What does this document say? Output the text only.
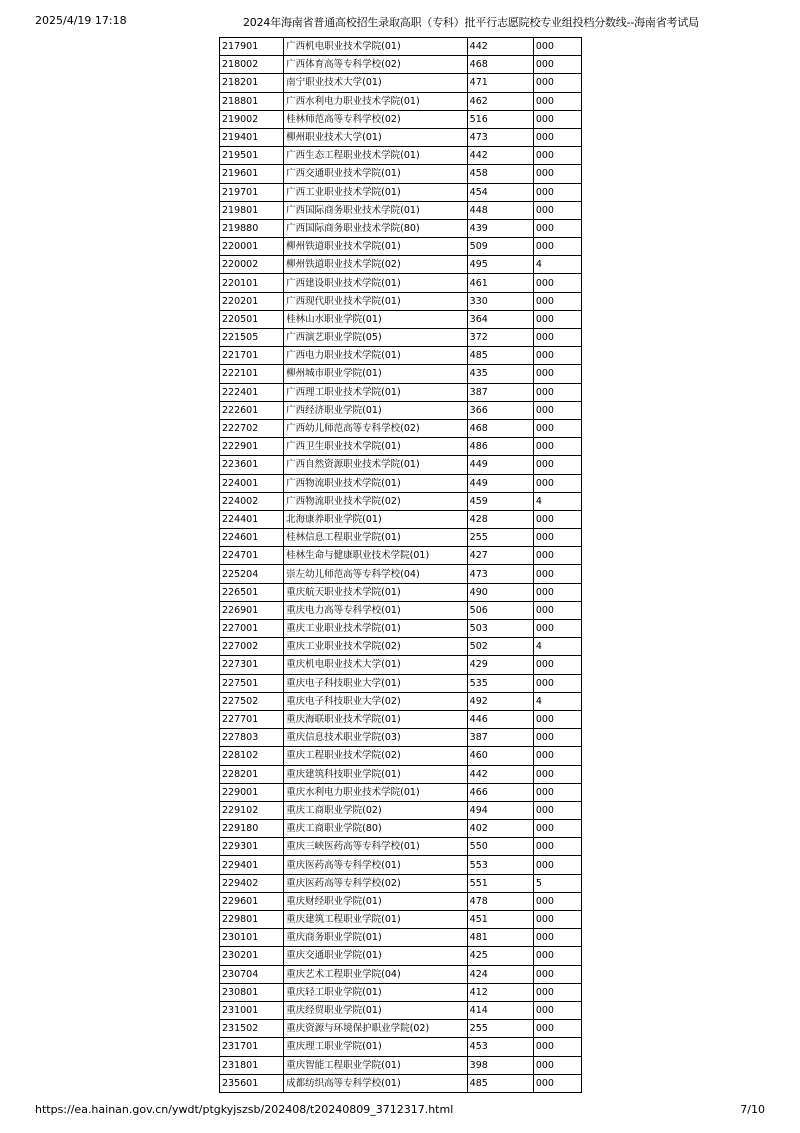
2025/4/19 17:18	2024年海南省普通高校招生录取高职（专科）批平行志愿院校专业组投档分数线--海南省考试局
217901	广西机电职业技术学院(01)	442	000
218002	广西体育高等专科学校(02)	468	000
218201	南宁职业技术大学(01)	471	000
218801	广西水利电力职业技术学院(01)	462	000
219002	桂林师范高等专科学校(02)	516	000
219401	柳州职业技术大学(01)	473	000
219501	广西生态工程职业技术学院(01)	442	000
219601	广西交通职业技术学院(01)	458	000
219701	广西工业职业技术学院(01)	454	000
219801	广西国际商务职业技术学院(01)	448	000
219880	广西国际商务职业技术学院(80)	439	000
220001	柳州铁道职业技术学院(01)	509	000
220002	柳州铁道职业技术学院(02)	495	4
220101	广西建设职业技术学院(01)	461	000
220201	广西现代职业技术学院(01)	330	000
220501	桂林山水职业学院(01)	364	000
221505	广西演艺职业学院(05)	372	000
221701	广西电力职业技术学院(01)	485	000
222101	柳州城市职业学院(01)	435	000
222401	广西理工职业技术学院(01)	387	000
222601	广西经济职业学院(01)	366	000
222702	广西幼儿师范高等专科学校(02)	468	000
222901	广西卫生职业技术学院(01)	486	000
223601	广西自然资源职业技术学院(01)	449	000
224001	广西物流职业技术学院(01)	449	000
224002	广西物流职业技术学院(02)	459	4
224401	北海康养职业学院(01)	428	000
224601	桂林信息工程职业学院(01)	255	000
224701	桂林生命与健康职业技术学院(01)	427	000
225204	崇左幼儿师范高等专科学校(04)	473	000
226501	重庆航天职业技术学院(01)	490	000
226901	重庆电力高等专科学校(01)	506	000
227001	重庆工业职业技术学院(01)	503	000
227002	重庆工业职业技术学院(02)	502	4
227301	重庆机电职业技术大学(01)	429	000
227501	重庆电子科技职业大学(01)	535	000
227502	重庆电子科技职业大学(02)	492	4
227701	重庆海联职业技术学院(01)	446	000
227803	重庆信息技术职业学院(03)	387	000
228102	重庆工程职业技术学院(02)	460	000
228201	重庆建筑科技职业学院(01)	442	000
229001	重庆水利电力职业技术学院(01)	466	000
229102	重庆工商职业学院(02)	494	000
229180	重庆工商职业学院(80)	402	000
229301	重庆三峡医药高等专科学校(01)	550	000
229401	重庆医药高等专科学校(01)	553	000
229402	重庆医药高等专科学校(02)	551	5
229601	重庆财经职业学院(01)	478	000
229801	重庆建筑工程职业学院(01)	451	000
230101	重庆商务职业学院(01)	481	000
230201	重庆交通职业学院(01)	425	000
230704	重庆艺术工程职业学院(04)	424	000
230801	重庆轻工职业学院(01)	412	000
231001	重庆经贸职业学院(01)	414	000
231502	重庆资源与环境保护职业学院(02)	255	000
231701	重庆理工职业学院(01)	453	000
231801	重庆智能工程职业学院(01)	398	000
235601	成都纺织高等专科学校(01)	485	000
https://ea.hainan.gov.cn/ywdt/ptgkyjszsb/202408/t20240809_3712317.html	7/10
